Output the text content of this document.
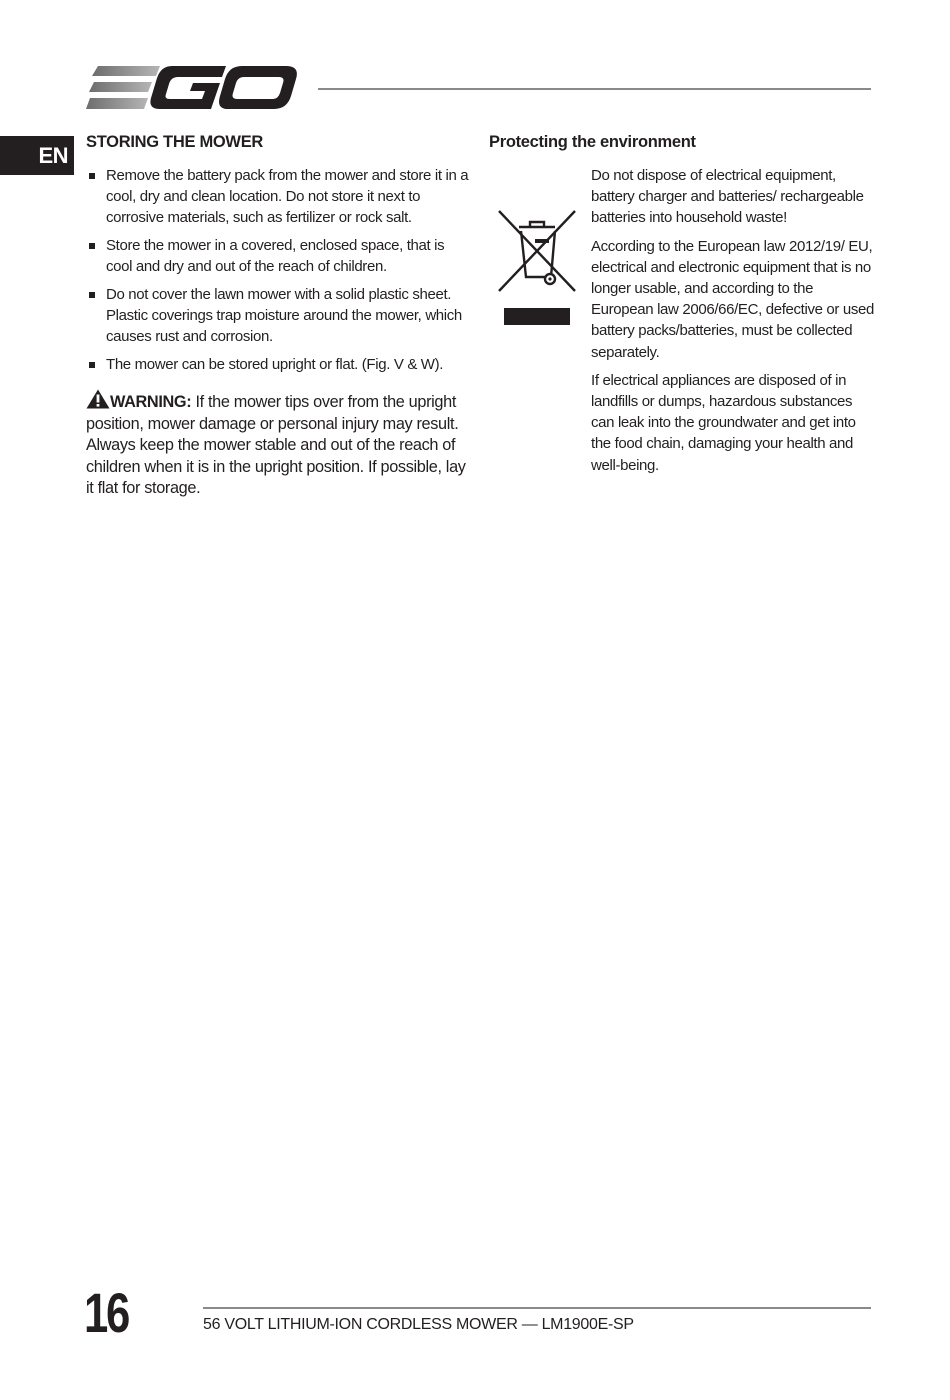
EN
STORING THE MOWER
Remove the battery pack from the mower and store it in a cool, dry and clean location. Do not store it next to corrosive materials, such as fertilizer or rock salt.
Store the mower in a covered, enclosed space, that is cool and dry and out of the reach of children.
Do not cover the lawn mower with a solid plastic sheet. Plastic coverings trap moisture around the mower, which causes rust and corrosion.
The mower can be stored upright or flat. (Fig. V & W).
WARNING: If the mower tips over from the upright position, mower damage or personal injury may result. Always keep the mower stable and out of the reach of children when it is in the upright position. If possible, lay it flat for storage.
Protecting the environment

Do not dispose of electrical equipment, battery charger and batteries/ rechargeable batteries into household waste!

According to the European law 2012/19/ EU, electrical and electronic equipment that is no longer usable, and according to the European law 2006/66/EC, defective or used battery packs/batteries, must be collected separately.

If electrical appliances are disposed of in landfills or dumps, hazardous substances can leak into the groundwater and get into the food chain, damaging your health and well-being.

16	56 VOLT LITHIUM-ION CORDLESS MOWER — LM1900E-SP
